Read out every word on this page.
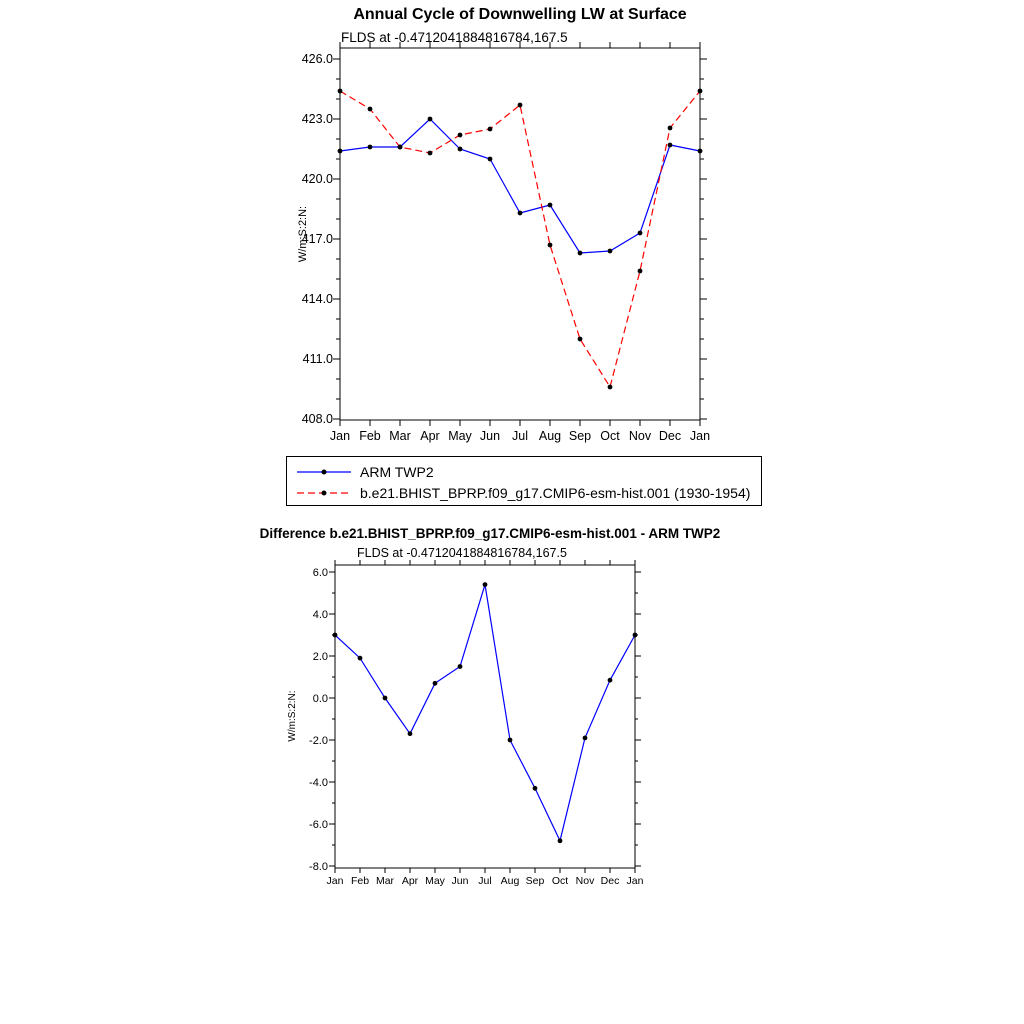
Annual Cycle of Downwelling LW at Surface
FLDS at -0.4712041884816784,167.5
W/m:S:2:N:
408.0
411.0
414.0
417.0
420.0
423.0
426.0
Jan Feb Mar Apr May Jun Jul Aug Sep Oct Nov Dec Jan
Difference b.e21.BHIST_BPRP.f09_g17.CMIP6-esm-hist.001 - ARM TWP2
FLDS at -0.4712041884816784,167.5
W/m:S:2:N:
-8.0
-6.0
-4.0
-2.0
0.0
2.0
4.0
6.0
Jan Feb Mar Apr May Jun Jul Aug Sep Oct Nov Dec Jan
ARM TWP2
b.e21.BHIST_BPRP.f09_g17.CMIP6-esm-hist.001 (1930-1954)
